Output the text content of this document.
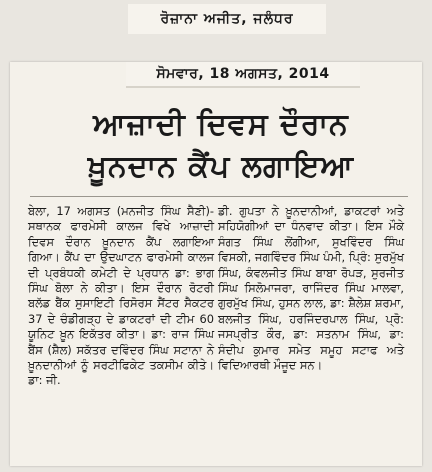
ਰੋਜ਼ਾਨਾ ਅਜੀਤ, ਜਲੰਧਰ
ਸੋਮਵਾਰ, 18 ਅਗਸਤ, 2014
ਆਜ਼ਾਦੀ ਦਿਵਸ ਦੌਰਾਨ
ਖ਼ੂਨਦਾਨ ਕੈਂਪ ਲਗਾਇਆ

ਬੇਲਾ, 17 ਅਗਸਤ (ਮਨਜੀਤ ਸਿੰਘ ਸੈਣੀ)-ਸਥਾਨਕ ਫਾਰਮੇਸੀ ਕਾਲਜ ਵਿਖੇ ਆਜ਼ਾਦੀ ਦਿਵਸ ਦੌਰਾਨ ਖ਼ੂਨਦਾਨ ਕੈਂਪ ਲਗਾਇਆ ਗਿਆ। ਕੈਂਪ ਦਾ ਉਦਘਾਟਨ ਫਾਰਮੇਸੀ ਕਾਲਜ ਦੀ ਪ੍ਰਬੰਧਕੀ ਕਮੇਟੀ ਦੇ ਪ੍ਰਧਾਨ ਡਾ: ਭਾਗ ਸਿੰਘ ਬੋਲਾ ਨੇ ਕੀਤਾ। ਇਸ ਦੌਰਾਨ ਰੋਟਰੀ ਬਲੱਡ ਬੈਂਕ ਸੁਸਾਇਟੀ ਰਿਸੋਰਸ ਸੈਂਟਰ ਸੈਕਟਰ 37 ਦੇ ਚੰਡੀਗੜ੍ਹ ਦੇ ਡਾਕਟਰਾਂ ਦੀ ਟੀਮ 60 ਯੂਨਿਟ ਖ਼ੂਨ ਇਕੱਤਰ ਕੀਤਾ। ਡਾ: ਰਾਜ ਸਿੰਘ ਬੈਂਸ (ਸ਼ੈਲ) ਸਕੱਤਰ ਦਵਿੰਦਰ ਸਿੰਘ ਸਟਾਨਾ ਨੇ ਖ਼ੂਨਦਾਨੀਆਂ ਨੂੰ ਸਰਟੀਫਿਕੇਟ ਤਕਸੀਮ ਕੀਤੇ। ਡਾ: ਜੀ.

ਡੀ. ਗੁਪਤਾ ਨੇ ਖ਼ੂਨਦਾਨੀਆਂ, ਡਾਕਟਰਾਂ ਅਤੇ ਸਹਿਯੋਗੀਆਂ ਦਾ ਧੰਨਵਾਦ ਕੀਤਾ। ਇਸ ਮੌਕੇ ਸੰਗਤ ਸਿੰਘ ਲੋਂਗੀਆ, ਸੁਖਵਿੰਦਰ ਸਿੰਘ ਵਿਸਕੀ, ਜਗਵਿੰਦਰ ਸਿੰਘ ਪੰਮੀ, ਪ੍ਰਿੰ: ਸੁਰਮੁੱਖ ਸਿੰਘ, ਕੰਵਲਜੀਤ ਸਿੰਘ ਬਾਬਾ ਰੋਪੜ, ਸੁਰਜੀਤ ਸਿੰਘ ਸਿਲੋਮਾਜਰਾ, ਰਾਜਿੰਦਰ ਸਿੰਘ ਮਾਲਵਾ, ਗੁਰਮੁੱਖ ਸਿੰਘ, ਹੁਸਨ ਲਾਲ, ਡਾ: ਸ਼ੈਲੇਸ਼ ਸ਼ਰਮਾ, ਬਲਜੀਤ ਸਿੰਘ, ਹਰਜਿੰਦਰਪਾਲ ਸਿੰਘ, ਪ੍ਰੋ: ਜਸਪ੍ਰੀਤ ਕੌਰ, ਡਾ: ਸਤਨਾਮ ਸਿੰਘ, ਡਾ: ਸੰਦੀਪ ਕੁਮਾਰ ਸਮੇਤ ਸਮੂਹ ਸਟਾਫ ਅਤੇ ਵਿਦਿਆਰਥੀ ਮੌਜੂਦ ਸਨ।
